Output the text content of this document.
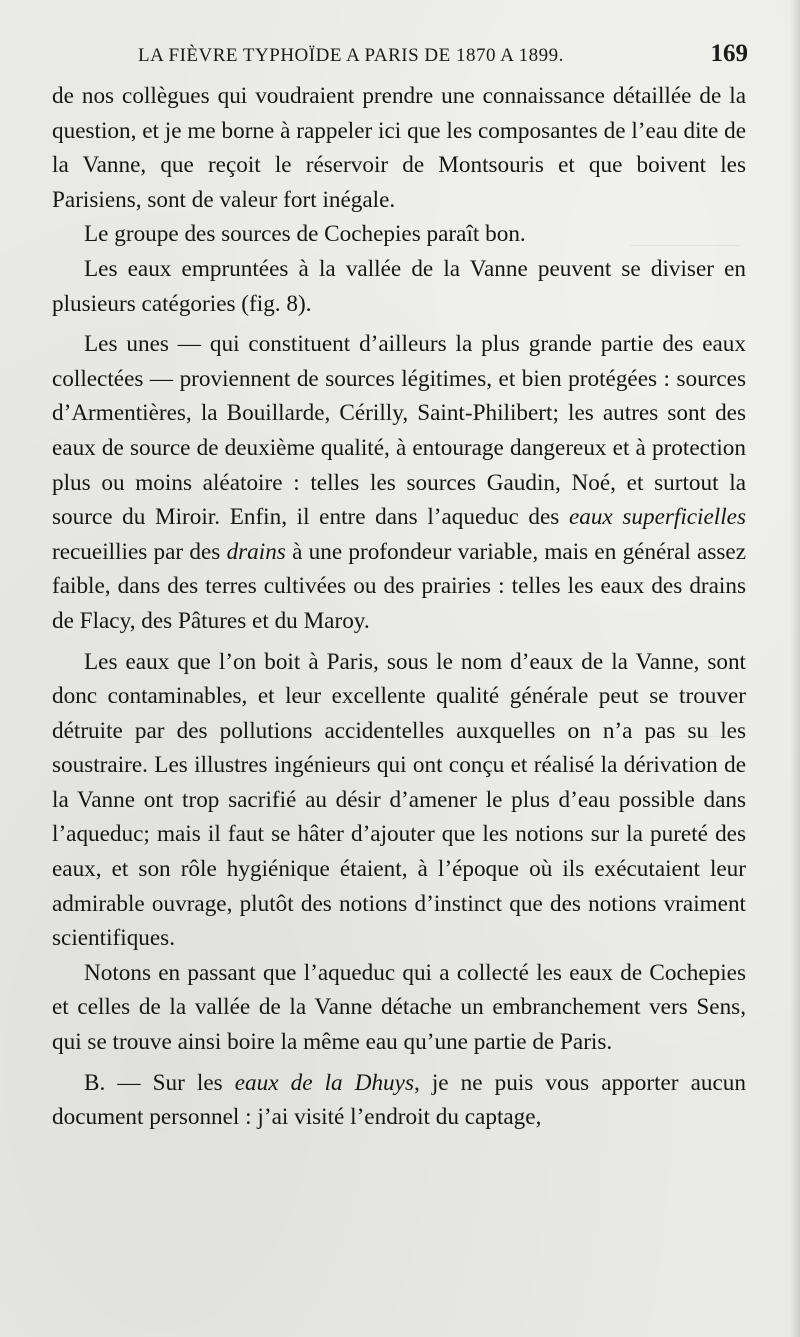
LA FIÈVRE TYPHOÏDE A PARIS DE 1870 A 1899.	169

de nos collègues qui voudraient prendre une connaissance détaillée de la question, et je me borne à rappeler ici que les composantes de l’eau dite de la Vanne, que reçoit le réservoir de Montsouris et que boivent les Parisiens, sont de valeur fort inégale.

Le groupe des sources de Cochepies paraît bon.

Les eaux empruntées à la vallée de la Vanne peuvent se diviser en plusieurs catégories (fig. 8).

Les unes — qui constituent d’ailleurs la plus grande partie des eaux collectées — proviennent de sources légitimes, et bien protégées : sources d’Armentières, la Bouillarde, Cérilly, Saint-Philibert; les autres sont des eaux de source de deuxième qualité, à entourage dangereux et à protection plus ou moins aléatoire : telles les sources Gaudin, Noé, et surtout la source du Miroir. Enfin, il entre dans l’aqueduc des eaux superficielles recueillies par des drains à une profondeur variable, mais en général assez faible, dans des terres cultivées ou des prairies : telles les eaux des drains de Flacy, des Pâtures et du Maroy.

Les eaux que l’on boit à Paris, sous le nom d’eaux de la Vanne, sont donc contaminables, et leur excellente qualité générale peut se trouver détruite par des pollutions accidentelles auxquelles on n’a pas su les soustraire. Les illustres ingénieurs qui ont conçu et réalisé la dérivation de la Vanne ont trop sacrifié au désir d’amener le plus d’eau possible dans l’aqueduc; mais il faut se hâter d’ajouter que les notions sur la pureté des eaux, et son rôle hygiénique étaient, à l’époque où ils exécutaient leur admirable ouvrage, plutôt des notions d’instinct que des notions vraiment scientifiques.

Notons en passant que l’aqueduc qui a collecté les eaux de Cochepies et celles de la vallée de la Vanne détache un embranchement vers Sens, qui se trouve ainsi boire la même eau qu’une partie de Paris.

B. — Sur les eaux de la Dhuys, je ne puis vous apporter aucun document personnel : j’ai visité l’endroit du captage,
